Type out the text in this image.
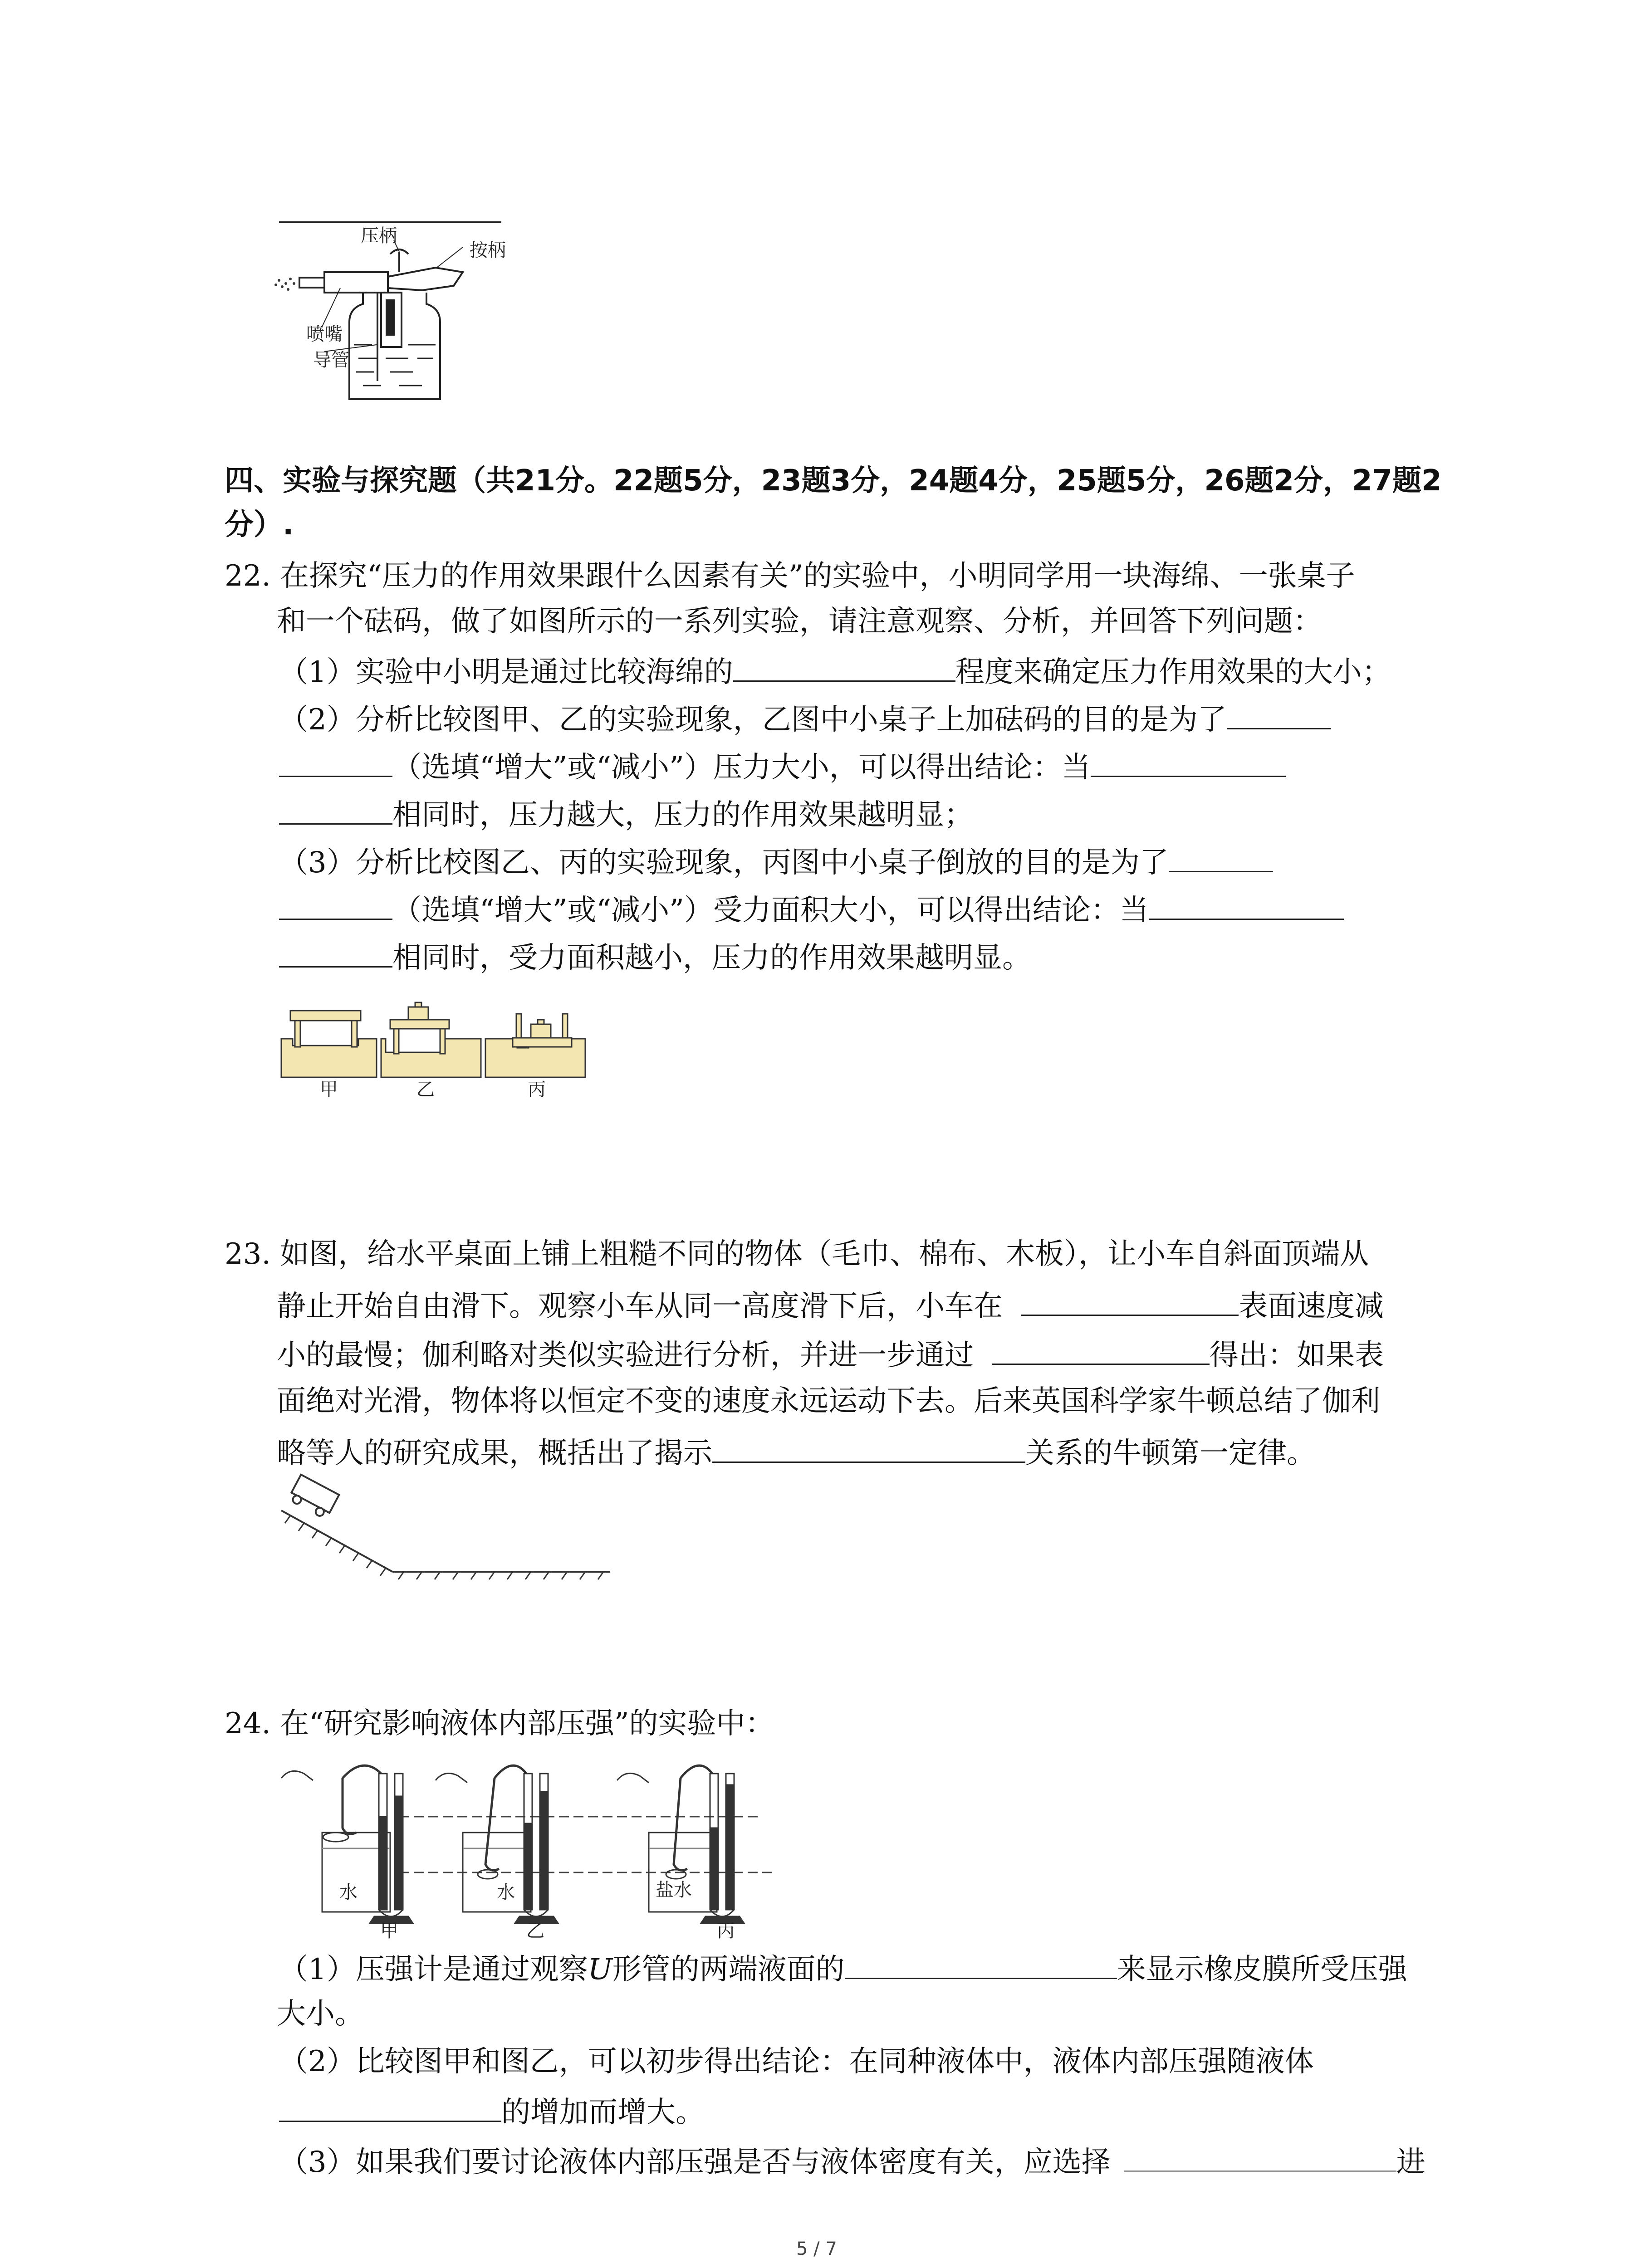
压柄
按柄
喷嘴
导管
四、实验与探究题（共21分。22题5分，23题3分，24题4分，25题5分，26题2分，27题2
分）.
22. 在探究“压力的作用效果跟什么因素有关”的实验中，小明同学用一块海绵、一张桌子
和一个砝码，做了如图所示的一系列实验，请注意观察、分析，并回答下列问题：
（1）实验中小明是通过比较海绵的	程度来确定压力作用效果的大小；
（2）分析比较图甲、乙的实验现象，乙图中小桌子上加砝码的目的是为了
（选填“增大”或“减小”）压力大小，可以得出结论：当
相同时，压力越大，压力的作用效果越明显；
（3）分析比校图乙、丙的实验现象，丙图中小桌子倒放的目的是为了
（选填“增大”或“减小”）受力面积大小，可以得出结论：当
相同时，受力面积越小，压力的作用效果越明显。
甲	乙	丙
23. 如图，给水平桌面上铺上粗糙不同的物体（毛巾、棉布、木板），让小车自斜面顶端从
静止开始自由滑下。观察小车从同一高度滑下后，小车在	表面速度减
小的最慢；伽利略对类似实验进行分析，并进一步通过	得出：如果表
面绝对光滑，物体将以恒定不变的速度永远运动下去。后来英国科学家牛顿总结了伽利
略等人的研究成果，概括出了揭示	关系的牛顿第一定律。
24. 在“研究影响液体内部压强”的实验中：
水	水	盐水
甲	乙	丙
（1）压强计是通过观察U形管的两端液面的	来显示橡皮膜所受压强
大小。
（2）比较图甲和图乙，可以初步得出结论：在同种液体中，液体内部压强随液体
的增加而增大。
（3）如果我们要讨论液体内部压强是否与液体密度有关，应选择	进
5 / 7
